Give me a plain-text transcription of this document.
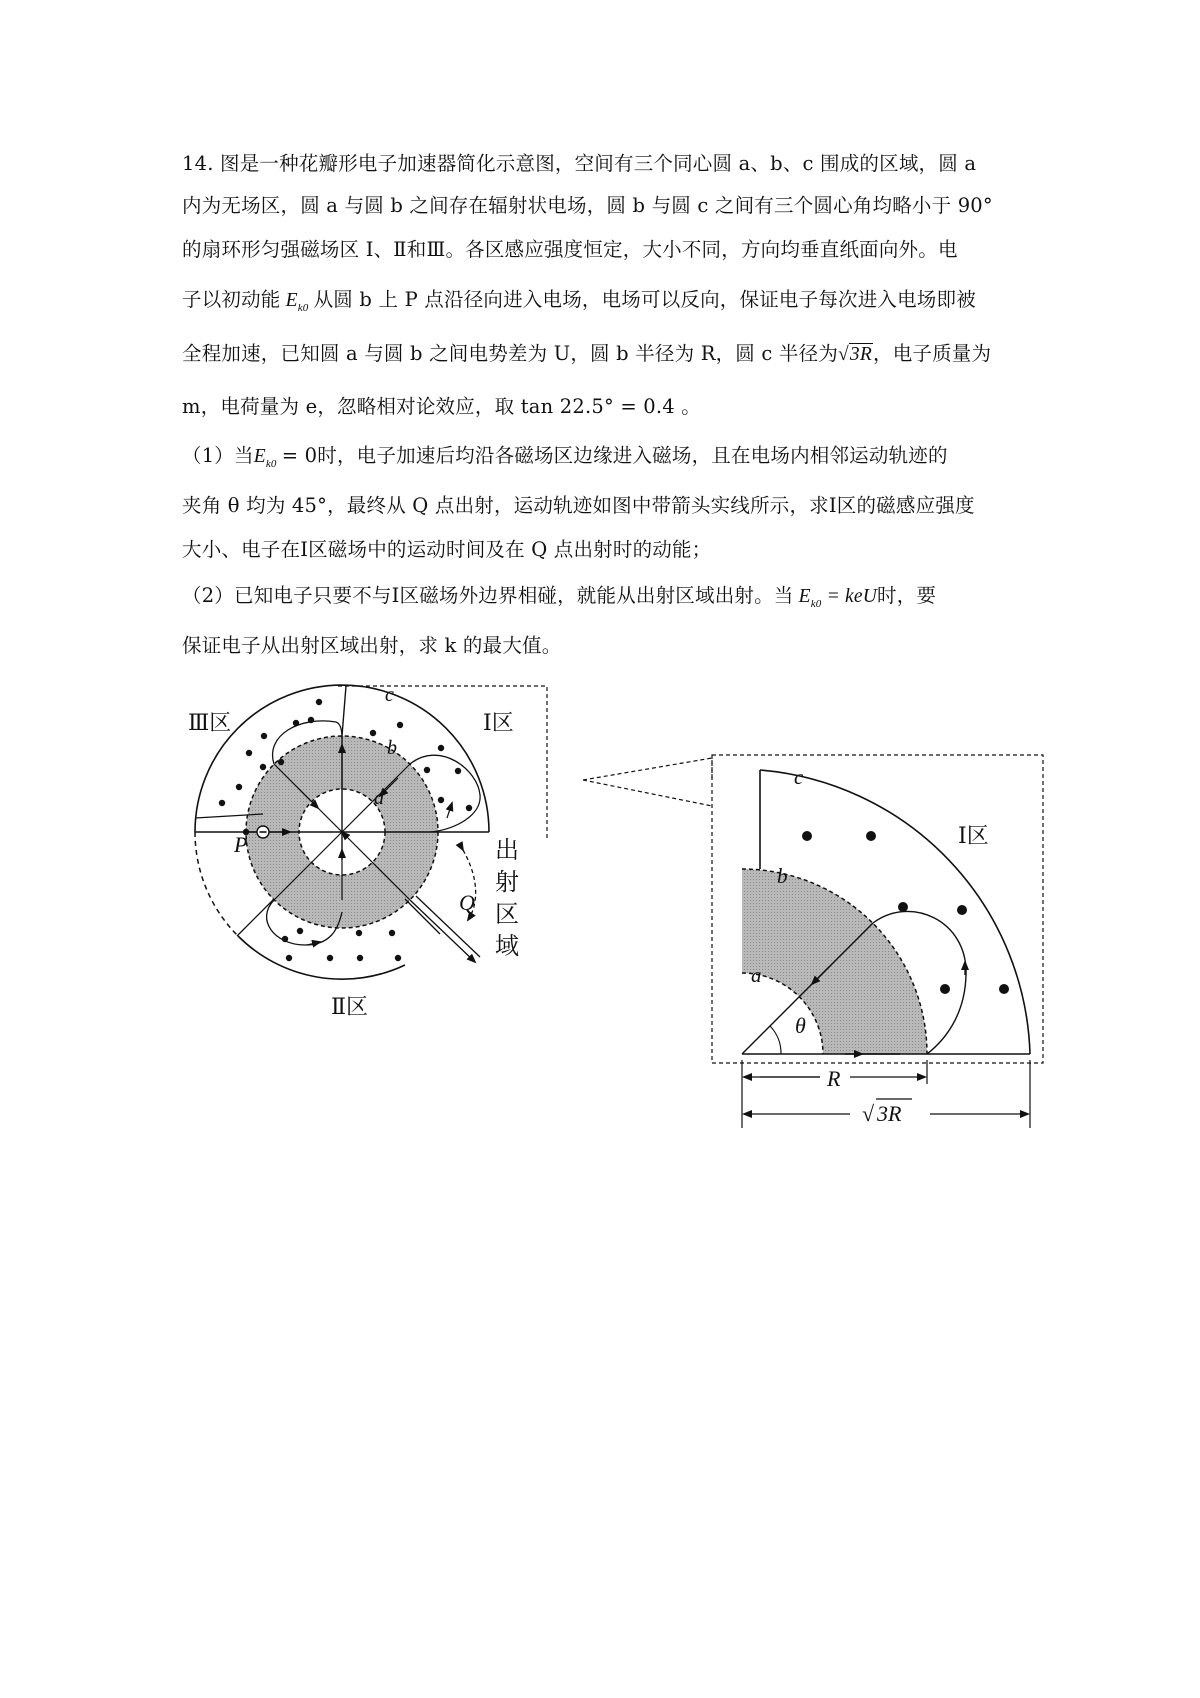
14. 图是一种花瓣形电子加速器简化示意图，空间有三个同心圆 a、b、c 围成的区域，圆 a
内为无场区，圆 a 与圆 b 之间存在辐射状电场，圆 b 与圆 c 之间有三个圆心角均略小于 90°
的扇环形匀强磁场区 Ⅰ、Ⅱ和Ⅲ。各区感应强度恒定，大小不同，方向均垂直纸面向外。电
子以初动能 $E_{k0}$ 从圆 b 上 P 点沿径向进入电场，电场可以反向，保证电子每次进入电场即被
全程加速，已知圆 a 与圆 b 之间电势差为 U，圆 b 半径为 R，圆 c 半径为√3R，电子质量为
m，电荷量为 e，忽略相对论效应，取 tan 22.5° = 0.4 。
（1）当$E_{k0} = 0$时，电子加速后均沿各磁场区边缘进入磁场，且在电场内相邻运动轨迹的
夹角 θ 均为 45°，最终从 Q 点出射，运动轨迹如图中带箭头实线所示，求Ⅰ区的磁感应强度
大小、电子在Ⅰ区磁场中的运动时间及在 Q 点出射时的动能；
（2）已知电子只要不与Ⅰ区磁场外边界相碰，就能从出射区域出射。当 $E_{k0}$ = keU时，要
保证电子从出射区域出射，求 k 的最大值。
Ⅲ区	Ⅰ区
Ⅱ区
c
b
a
P
Q
出
射
区
域
c
Ⅰ区
b
a
θ
R
√ 3R
